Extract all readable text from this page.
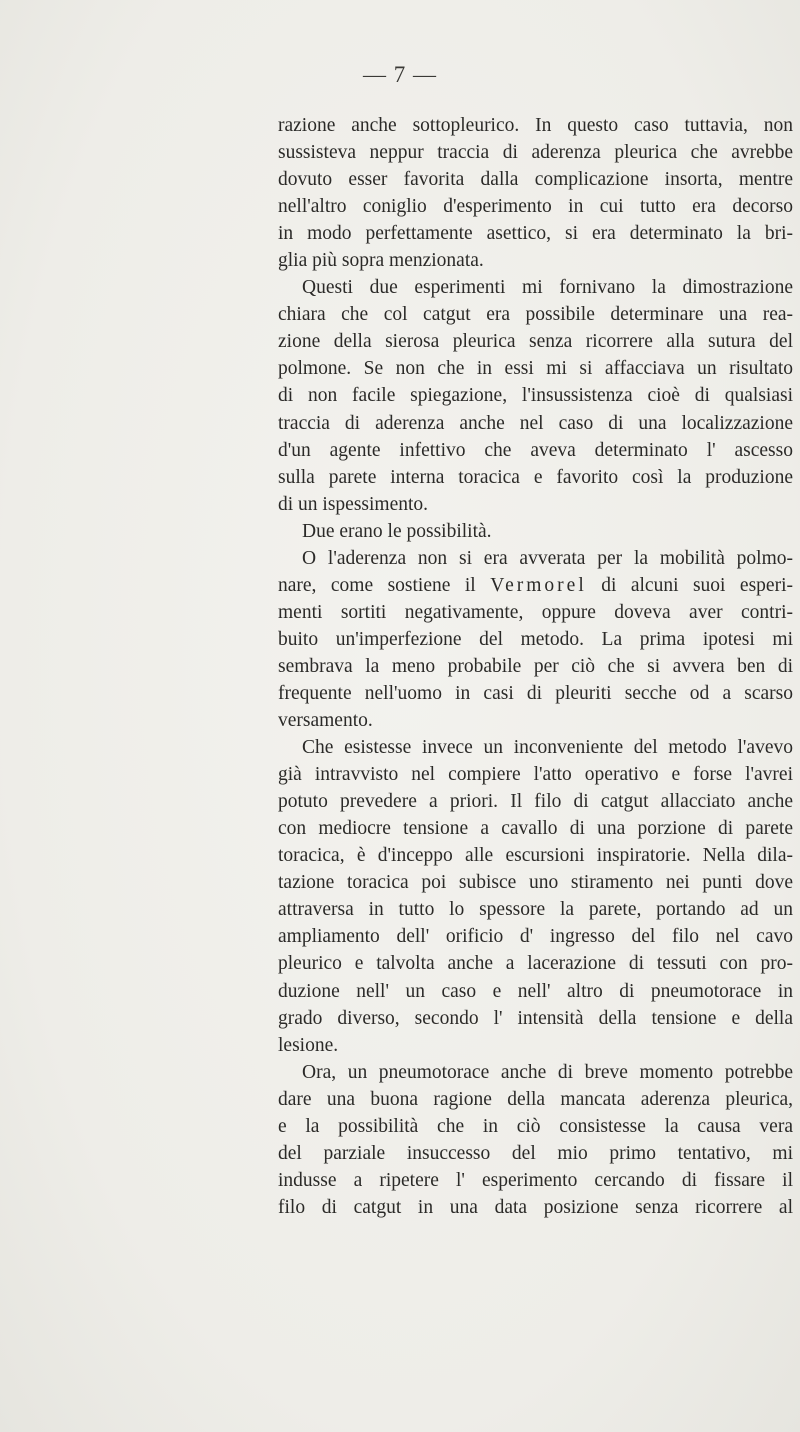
— 7 —
razione anche sottopleurico. In questo caso tuttavia, non
sussisteva neppur traccia di aderenza pleurica che avrebbe
dovuto esser favorita dalla complicazione insorta, mentre
nell'altro coniglio d'esperimento in cui tutto era decorso
in modo perfettamente asettico, si era determinato la bri-
glia più sopra menzionata.
Questi due esperimenti mi fornivano la dimostrazione
chiara che col catgut era possibile determinare una rea-
zione della sierosa pleurica senza ricorrere alla sutura del
polmone. Se non che in essi mi si affacciava un risultato
di non facile spiegazione, l'insussistenza cioè di qualsiasi
traccia di aderenza anche nel caso di una localizzazione
d'un agente infettivo che aveva determinato l' ascesso
sulla parete interna toracica e favorito così la produzione
di un ispessimento.
Due erano le possibilità.
O l'aderenza non si era avverata per la mobilità polmo-
nare, come sostiene il Vermorel di alcuni suoi esperi-
menti sortiti negativamente, oppure doveva aver contri-
buito un'imperfezione del metodo. La prima ipotesi mi
sembrava la meno probabile per ciò che si avvera ben di
frequente nell'uomo in casi di pleuriti secche od a scarso
versamento.
Che esistesse invece un inconveniente del metodo l'avevo
già intravvisto nel compiere l'atto operativo e forse l'avrei
potuto prevedere a priori. Il filo di catgut allacciato anche
con mediocre tensione a cavallo di una porzione di parete
toracica, è d'inceppo alle escursioni inspiratorie. Nella dila-
tazione toracica poi subisce uno stiramento nei punti dove
attraversa in tutto lo spessore la parete, portando ad un
ampliamento dell' orificio d' ingresso del filo nel cavo
pleurico e talvolta anche a lacerazione di tessuti con pro-
duzione nell' un caso e nell' altro di pneumotorace in
grado diverso, secondo l' intensità della tensione e della
lesione.
Ora, un pneumotorace anche di breve momento potrebbe
dare una buona ragione della mancata aderenza pleurica,
e la possibilità che in ciò consistesse la causa vera
del parziale insuccesso del mio primo tentativo, mi
indusse a ripetere l' esperimento cercando di fissare il
filo di catgut in una data posizione senza ricorrere al
